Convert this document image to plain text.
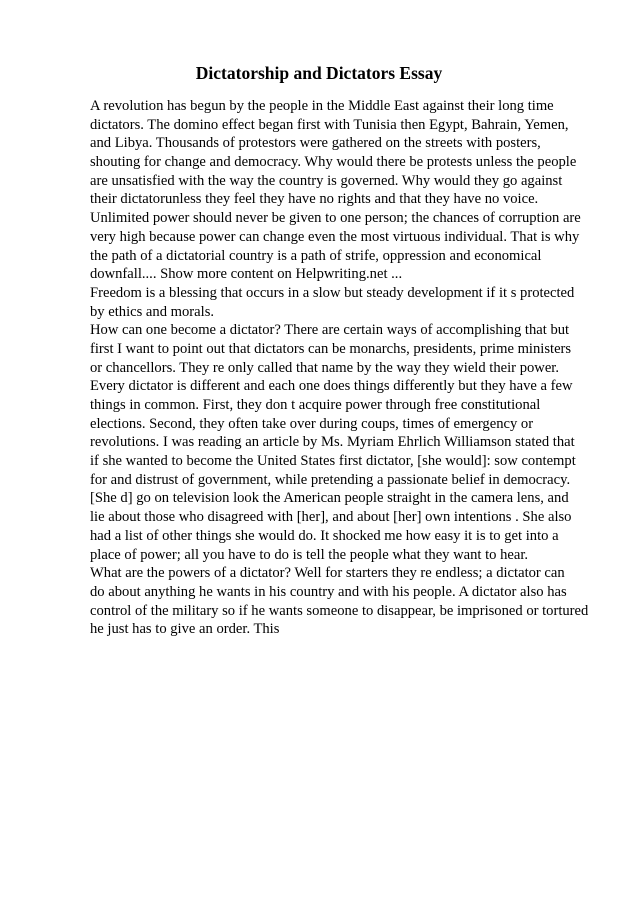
Dictatorship and Dictators Essay
A revolution has begun by the people in the Middle East against their long time
dictators. The domino effect began first with Tunisia then Egypt, Bahrain, Yemen,
and Libya. Thousands of protestors were gathered on the streets with posters,
shouting for change and democracy. Why would there be protests unless the people
are unsatisfied with the way the country is governed. Why would they go against
their dictatorunless they feel they have no rights and that they have no voice.
Unlimited power should never be given to one person; the chances of corruption are
very high because power can change even the most virtuous individual. That is why
the path of a dictatorial country is a path of strife, oppression and economical
downfall.... Show more content on Helpwriting.net ...
Freedom is a blessing that occurs in a slow but steady development if it s protected
by ethics and morals.
How can one become a dictator? There are certain ways of accomplishing that but
first I want to point out that dictators can be monarchs, presidents, prime ministers
or chancellors. They re only called that name by the way they wield their power.
Every dictator is different and each one does things differently but they have a few
things in common. First, they don t acquire power through free constitutional
elections. Second, they often take over during coups, times of emergency or
revolutions. I was reading an article by Ms. Myriam Ehrlich Williamson stated that
if she wanted to become the United States first dictator, [she would]: sow contempt
for and distrust of government, while pretending a passionate belief in democracy.
[She d] go on television look the American people straight in the camera lens, and
lie about those who disagreed with [her], and about [her] own intentions . She also
had a list of other things she would do. It shocked me how easy it is to get into a
place of power; all you have to do is tell the people what they want to hear.
What are the powers of a dictator? Well for starters they re endless; a dictator can
do about anything he wants in his country and with his people. A dictator also has
control of the military so if he wants someone to disappear, be imprisoned or tortured
he just has to give an order. This
